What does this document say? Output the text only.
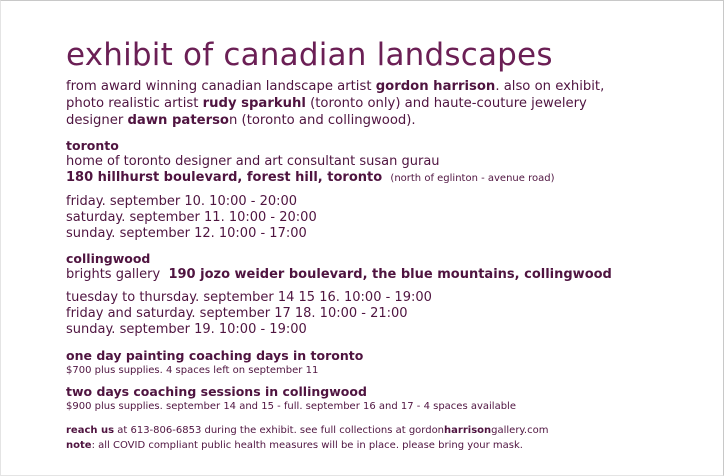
exhibit of canadian landscapes
from award winning canadian landscape artist gordon harrison. also on exhibit,
photo realistic artist rudy sparkuhl (toronto only) and haute-couture jewelery
designer dawn paterson (toronto and collingwood).
toronto
home of toronto designer and art consultant susan gurau
180 hillhurst boulevard, forest hill, toronto (north of eglinton - avenue road)
friday. september 10. 10:00 - 20:00
saturday. september 11. 10:00 - 20:00
sunday. september 12. 10:00 - 17:00
collingwood
brights gallery 190 jozo weider boulevard, the blue mountains, collingwood
tuesday to thursday. september 14 15 16. 10:00 - 19:00
friday and saturday. september 17 18. 10:00 - 21:00
sunday. september 19. 10:00 - 19:00
one day painting coaching days in toronto
$700 plus supplies. 4 spaces left on september 11
two days coaching sessions in collingwood
$900 plus supplies. september 14 and 15 - full. september 16 and 17 - 4 spaces available
reach us at 613-806-6853 during the exhibit. see full collections at gordonharrisongallery.com
note: all COVID compliant public health measures will be in place. please bring your mask.
